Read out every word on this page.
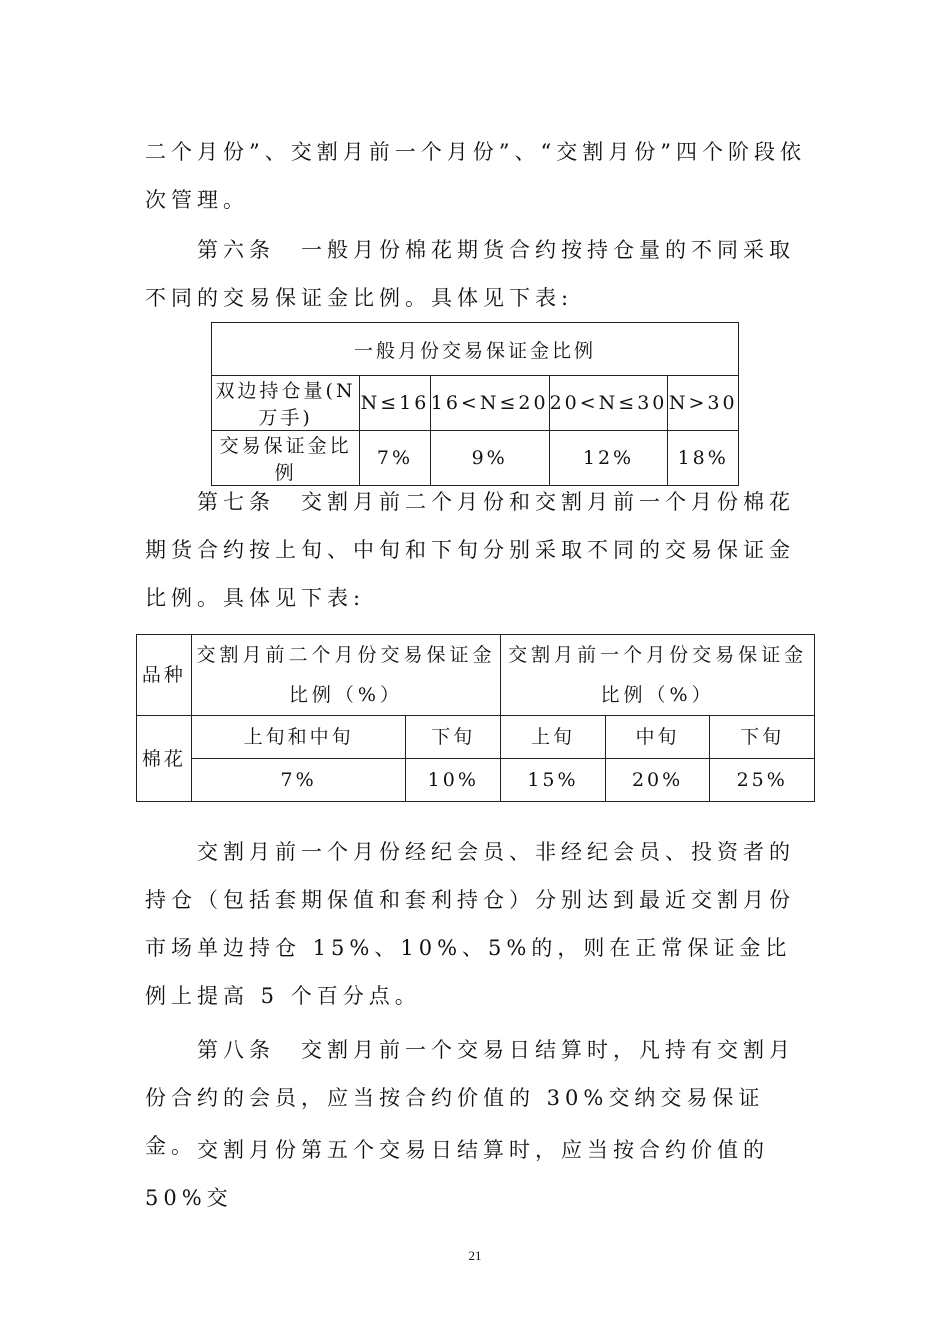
二个月份”、交割月前一个月份”、“交割月份”四个阶段依次管理。

第六条　一般月份棉花期货合约按持仓量的不同采取不同的交易保证金比例。具体见下表:

一般月份交易保证金比例				
双边持仓量(N 万手)	N≤16	16<N≤20	20<N≤30	N>30
交易保证金比例	7%	9%	12%	18%

第七条　交割月前二个月份和交割月前一个月份棉花期货合约按上旬、中旬和下旬分别采取不同的交易保证金比例。具体见下表:

品种	交割月前二个月份交易保证金比例（%）		交割月前一个月份交易保证金比例（%）		

棉花	上旬和中旬	下旬	上旬	中旬	下旬
	7%	10%	15%	20%	25%

交割月前一个月份经纪会员、非经纪会员、投资者的持仓（包括套期保值和套利持仓）分别达到最近交割月份市场单边持仓 15%、10%、5%的，则在正常保证金比例上提高 5 个百分点。

第八条　交割月前一个交易日结算时，凡持有交割月份合约的会员，应当按合约价值的 30%交纳交易保证金。 交割月份第五个交易日结算时，应当按合约价值的 50%交

21
